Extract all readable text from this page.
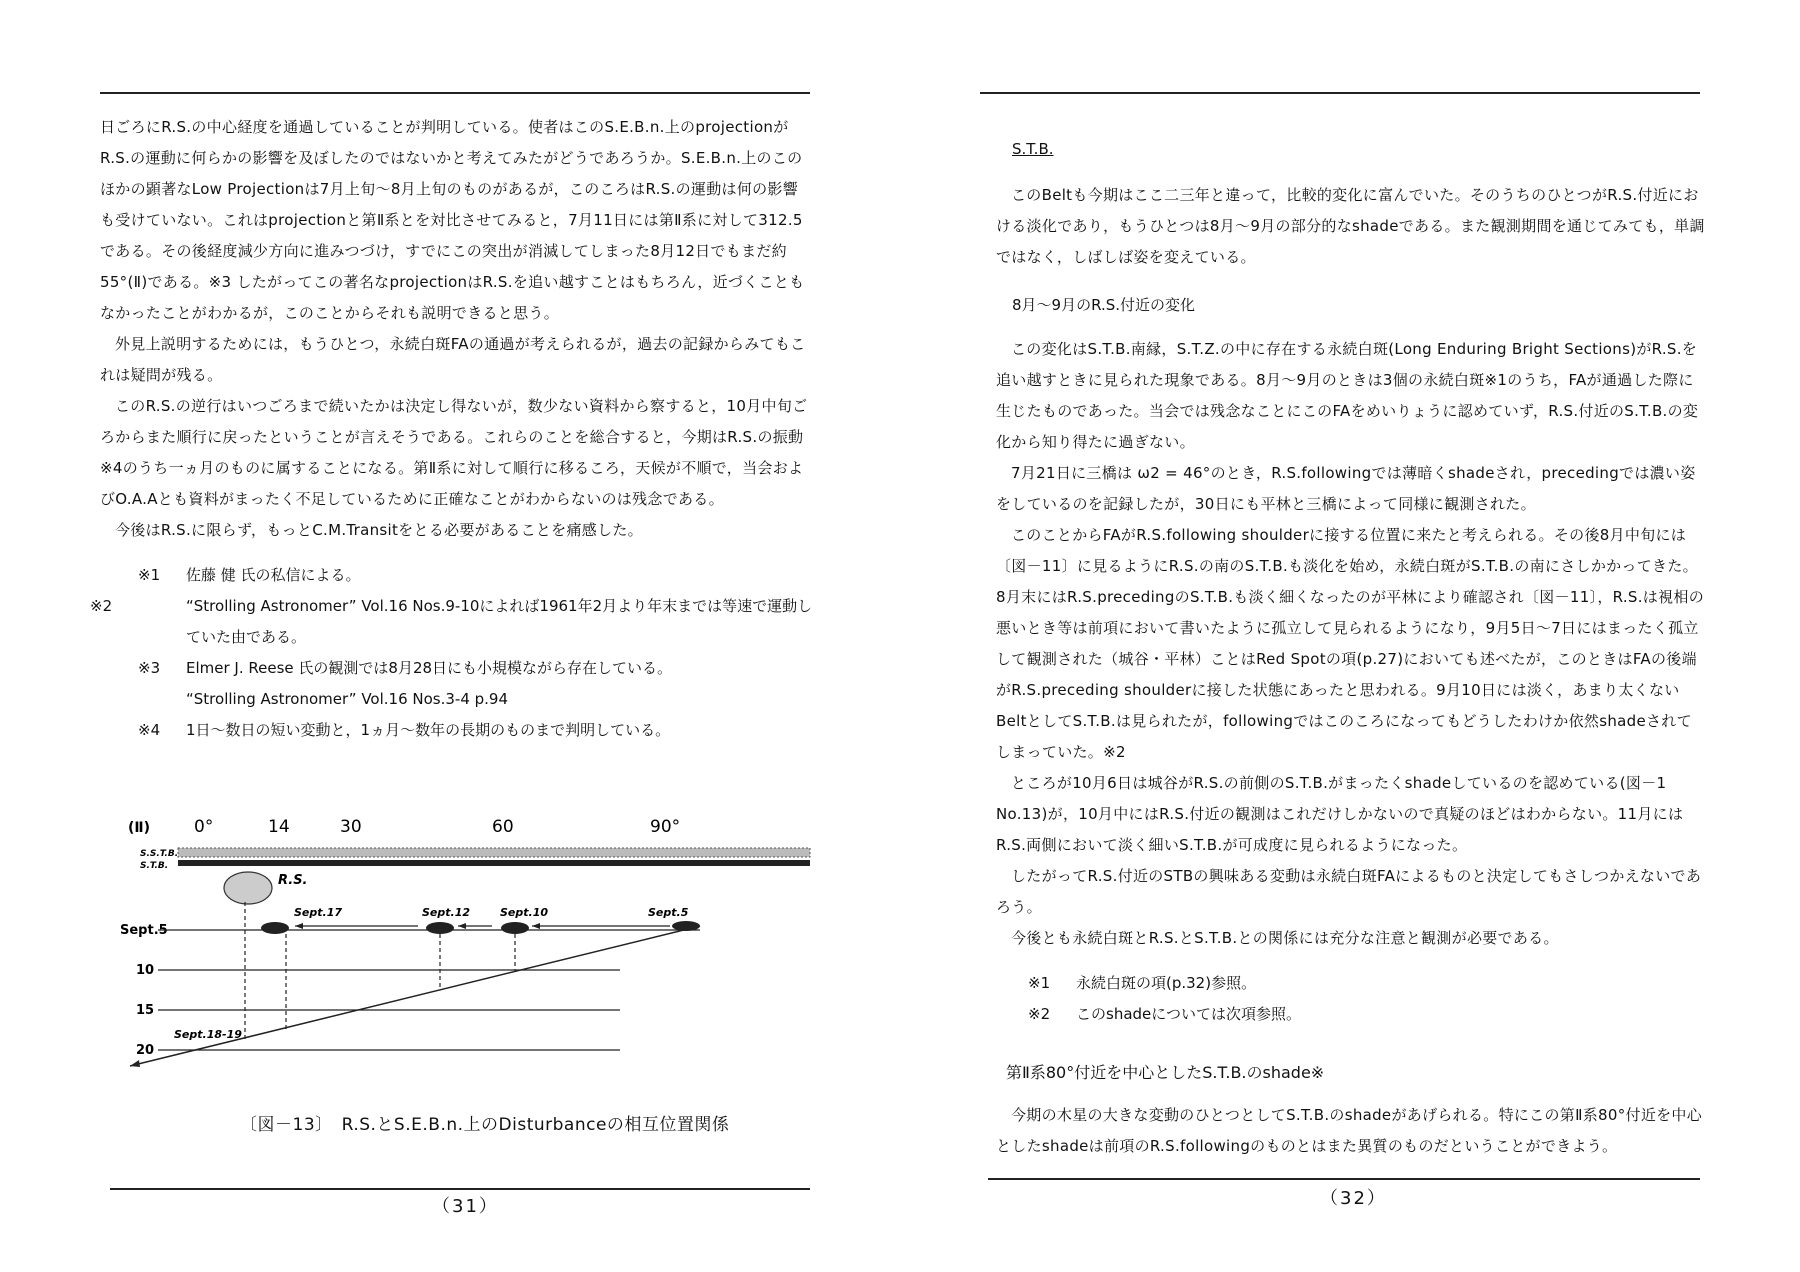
日ごろにR.S.の中心経度を通過していることが判明している。使者はこのS.E.B.n.上のprojectionがR.S.の運動に何らかの影響を及ぼしたのではないかと考えてみたがどうであろうか。S.E.B.n.上のこのほかの顕著なLow Projectionは7月上旬～8月上旬のものがあるが，このころはR.S.の運動は何の影響も受けていない。これはprojectionと第Ⅱ系とを対比させてみると，7月11日には第Ⅱ系に対して312.5である。その後経度減少方向に進みつづけ，すでにこの突出が消滅してしまった8月12日でもまだ約55°(Ⅱ)である。※3 したがってこの著名なprojectionはR.S.を追い越すことはもちろん，近づくこともなかったことがわかるが，このことからそれも説明できると思う。

外見上説明するためには，もうひとつ，永続白斑FAの通過が考えられるが，過去の記録からみてもこれは疑問が残る。

このR.S.の逆行はいつごろまで続いたかは決定し得ないが，数少ない資料から察すると，10月中旬ごろからまた順行に戻ったということが言えそうである。これらのことを総合すると，今期はR.S.の振動※4のうち一ヵ月のものに属することになる。第Ⅱ系に対して順行に移るころ，天候が不順で，当会およびO.A.Aとも資料がまったく不足しているために正確なことがわからないのは残念である。

今後はR.S.に限らず，もっとC.M.Transitをとる必要があることを痛感した。

※1 佐藤 健 氏の私信による。
※2	“Strolling Astronomer” Vol.16 Nos.9-10によれば1961年2月より年末までは等速で運動していた由である。
※3 Elmer J. Reese 氏の観測では8月28日にも小規模ながら存在している。
“Strolling Astronomer” Vol.16 Nos.3-4 p.94
※4 1日～数日の短い変動と，1ヵ月～数年の長期のものまで判明している。
(Ⅱ)	0°	14	30	60	90°
S.S.T.B.
S.T.B.
R.S.
Sept.17	Sept.12	Sept.10	Sept.5
Sept.5
10
15
20
Sept.18-19
〔図－13〕　R.S.とS.E.B.n.上のDisturbanceの相互位置関係
（31）
S.T.B.

このBeltも今期はここ二三年と違って，比較的変化に富んでいた。そのうちのひとつがR.S.付近における淡化であり，もうひとつは8月～9月の部分的なshadeである。また観測期間を通じてみても，単調ではなく，しばしば姿を変えている。

8月～9月のR.S.付近の変化

この変化はS.T.B.南縁，S.T.Z.の中に存在する永続白斑(Long Enduring Bright Sections)がR.S.を追い越すときに見られた現象である。8月～9月のときは3個の永続白斑※1のうち，FAが通過した際に生じたものであった。当会では残念なことにこのFAをめいりょうに認めていず，R.S.付近のS.T.B.の変化から知り得たに過ぎない。

7月21日に三橋は ω2 = 46°のとき，R.S.followingでは薄暗くshadeされ，precedingでは濃い姿をしているのを記録したが，30日にも平林と三橋によって同様に観測された。

このことからFAがR.S.following shoulderに接する位置に来たと考えられる。その後8月中旬には〔図－11〕に見るようにR.S.の南のS.T.B.も淡化を始め，永続白斑がS.T.B.の南にさしかかってきた。8月末にはR.S.precedingのS.T.B.も淡く細くなったのが平林により確認され〔図－11〕，R.S.は視相の悪いとき等は前項において書いたように孤立して見られるようになり，9月5日～7日にはまったく孤立して観測された（城谷・平林）ことはRed Spotの項(p.27)においても述べたが，このときはFAの後端がR.S.preceding shoulderに接した状態にあったと思われる。9月10日には淡く，あまり太くないBeltとしてS.T.B.は見られたが，followingではこのころになってもどうしたわけか依然shadeされてしまっていた。※2

ところが10月6日は城谷がR.S.の前側のS.T.B.がまったくshadeしているのを認めている(図－1 No.13)が，10月中にはR.S.付近の観測はこれだけしかないので真疑のほどはわからない。11月にはR.S.両側において淡く細いS.T.B.が可成度に見られるようになった。

したがってR.S.付近のSTBの興味ある変動は永続白斑FAによるものと決定してもさしつかえないであろう。

今後とも永続白斑とR.S.とS.T.B.との関係には充分な注意と観測が必要である。

※1 永続白斑の項(p.32)参照。
※2 このshadeについては次項参照。
第Ⅱ系80°付近を中心としたS.T.B.のshade※

今期の木星の大きな変動のひとつとしてS.T.B.のshadeがあげられる。特にこの第Ⅱ系80°付近を中心としたshadeは前項のR.S.followingのものとはまた異質のものだということができよう。

（32）
